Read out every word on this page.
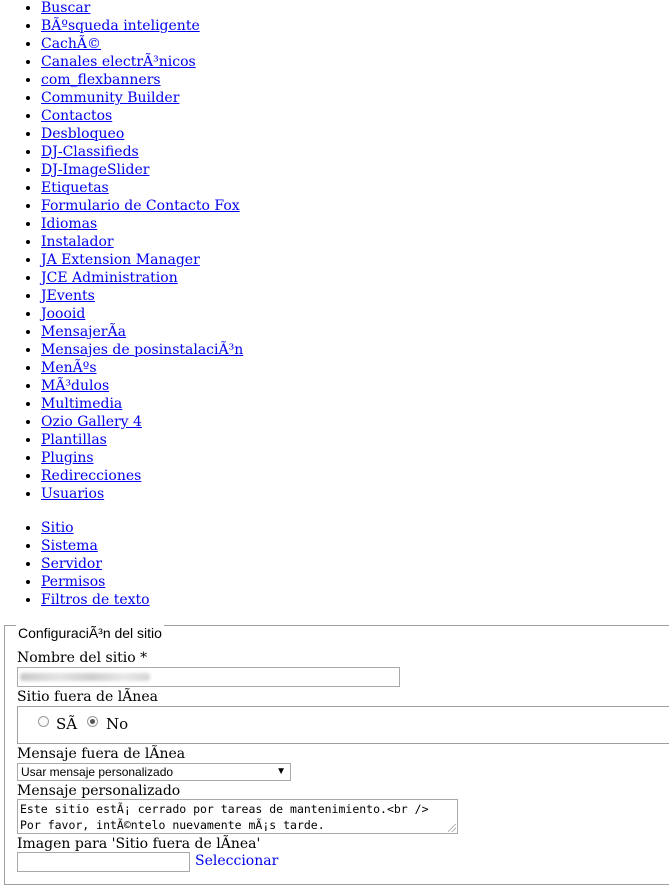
• Buscar
• BÃºsqueda inteligente
• CachÃ©
• Canales electrÃ³nicos
• com_flexbanners
• Community Builder
• Contactos
• Desbloqueo
• DJ-Classifieds
• DJ-ImageSlider
• Etiquetas
• Formulario de Contacto Fox
• Idiomas
• Instalador
• JA Extension Manager
• JCE Administration
• JEvents
• Joooid
• MensajerÃa
• Mensajes de posinstalaciÃ³n
• MenÃºs
• MÃ³dulos
• Multimedia
• Ozio Gallery 4
• Plantillas
• Plugins
• Redirecciones
• Usuarios
• Sitio
• Sistema
• Servidor
• Permisos
• Filtros de texto
ConfiguraciÃ³n del sitio
Nombre del sitio *
Sitio fuera de lÃnea
SÃ No
Mensaje fuera de lÃnea
Usar mensaje personalizado	▼
Mensaje personalizado
Este sitio estÃ¡ cerrado por tareas de mantenimiento.<br />
Por favor, intÃ©ntelo nuevamente mÃ¡s tarde.
Imagen para 'Sitio fuera de lÃnea'
Seleccionar
